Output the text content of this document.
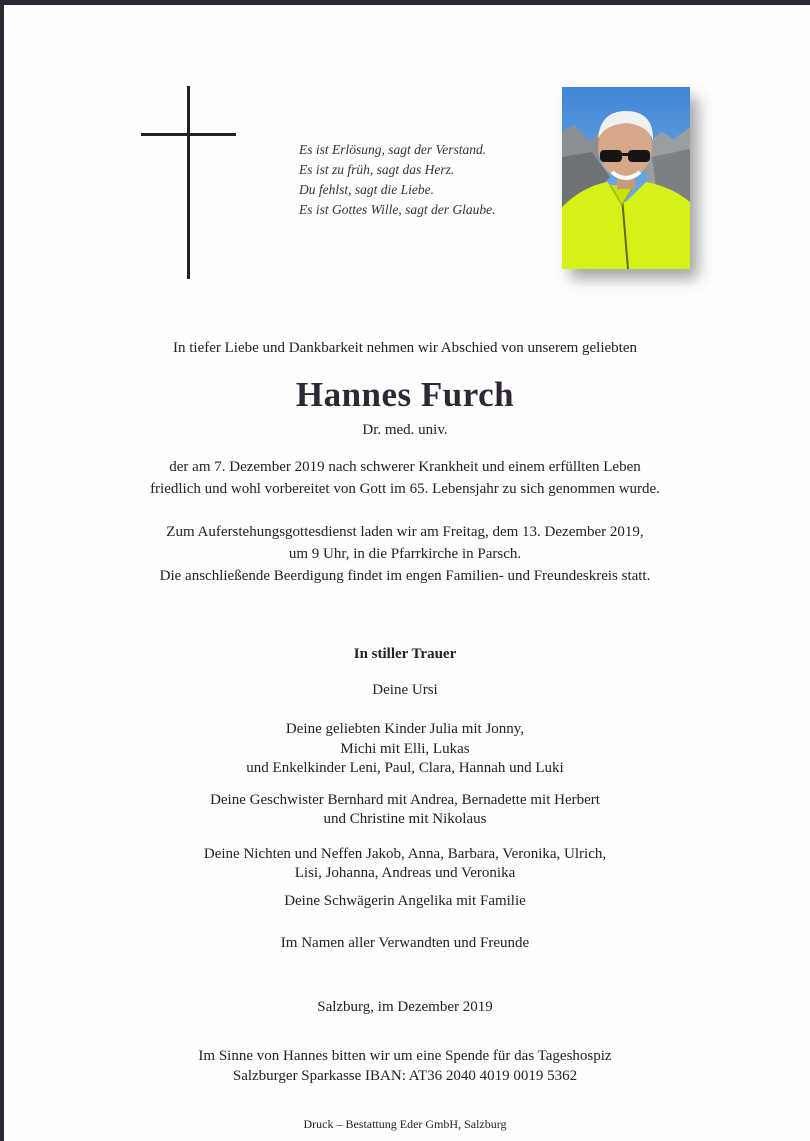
Es ist Erlösung, sagt der Verstand.
Es ist zu früh, sagt das Herz.
Du fehlst, sagt die Liebe.
Es ist Gottes Wille, sagt der Glaube.
In tiefer Liebe und Dankbarkeit nehmen wir Abschied von unserem geliebten
Hannes Furch
Dr. med. univ.
der am 7. Dezember 2019 nach schwerer Krankheit und einem erfüllten Leben
friedlich und wohl vorbereitet von Gott im 65. Lebensjahr zu sich genommen wurde.
Zum Auferstehungsgottesdienst laden wir am Freitag, dem 13. Dezember 2019,
um 9 Uhr, in die Pfarrkirche in Parsch.
Die anschließende Beerdigung findet im engen Familien- und Freundeskreis statt.
In stiller Trauer
Deine Ursi
Deine geliebten Kinder Julia mit Jonny,
Michi mit Elli, Lukas
und Enkelkinder Leni, Paul, Clara, Hannah und Luki
Deine Geschwister Bernhard mit Andrea, Bernadette mit Herbert
und Christine mit Nikolaus
Deine Nichten und Neffen Jakob, Anna, Barbara, Veronika, Ulrich,
Lisi, Johanna, Andreas und Veronika
Deine Schwägerin Angelika mit Familie
Im Namen aller Verwandten und Freunde
Salzburg, im Dezember 2019
Im Sinne von Hannes bitten wir um eine Spende für das Tageshospiz
Salzburger Sparkasse IBAN: AT36 2040 4019 0019 5362
Druck – Bestattung Eder GmbH, Salzburg
